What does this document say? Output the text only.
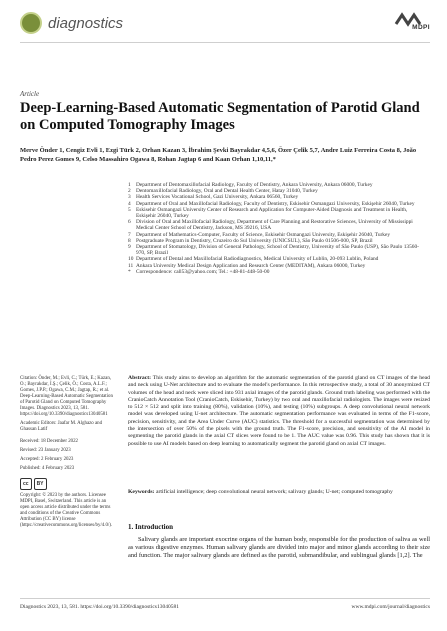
diagnostics	MDPI
Article
Deep-Learning-Based Automatic Segmentation of Parotid Gland on Computed Tomography Images
Merve Önder 1, Cengiz Evli 1, Ezgi Türk 2, Orhan Kazan 3, İbrahim Şevki Bayrakdar 4,5,6, Özer Çelik 5,7, Andre Luiz Ferreira Costa 8, João Pedro Perez Gomes 9, Celso Massahiro Ogawa 8, Rohan Jagtap 6 and Kaan Orhan 1,10,11,*
1 Department of Dentomaxillofacial Radiology, Faculty of Dentistry, Ankara University, Ankara 06000, Turkey
2 Dentomaxillofacial Radiology, Oral and Dental Health Center, Hatay 31040, Turkey
3 Health Services Vocational School, Gazi University, Ankara 06560, Turkey
4 Department of Oral and Maxillofacial Radiology, Faculty of Dentistry, Eskisehir Osmangazi University, Eskişehir 26040, Turkey
5 Eskisehir Osmangazi University Center of Research and Application for Computer-Aided Diagnosis and Treatment in Health, Eskişehir 26040, Turkey
6 Division of Oral and Maxillofacial Radiology, Department of Care Planning and Restorative Sciences, University of Mississippi Medical Center School of Dentistry, Jackson, MS 39216, USA
7 Department of Mathematics-Computer, Faculty of Science, Eskisehir Osmangazi University, Eskişehir 26040, Turkey
8 Postgraduate Program in Dentistry, Cruzeiro do Sul University (UNICSUL), São Paulo 01506-000, SP, Brazil
9 Department of Stomatology, Division of General Pathology, School of Dentistry, University of São Paulo (USP), São Paulo 13560-970, SP, Brazil
10 Department of Dental and Maxillofacial Radiodiagnostics, Medical University of Lublin, 20-093 Lublin, Poland
11 Ankara University Medical Design Application and Research Center (MEDITAM), Ankara 06000, Turkey
* Correspondence: call53@yahoo.com; Tel.: +48-81-448-50-00

Citation: Önder, M.; Evli, C.; Türk, E.; Kazan, O.; Bayrakdar, İ.Ş.; Çelik, Ö.; Costa, A.L.F.; Gomes, J.P.P.; Ogawa, C.M.; Jagtap, R.; et al. Deep-Learning-Based Automatic Segmentation of Parotid Gland on Computed Tomography Images. Diagnostics 2023, 13, 581. https://doi.org/10.3390/diagnostics13040581

Academic Editors: Jaafar M. Alghazo and Ghassan Latif

Received: 18 December 2022

Revised: 23 January 2023

Accepted: 2 February 2023

Published: 4 February 2023

cc	BY

Copyright: © 2023 by the authors. Licensee MDPI, Basel, Switzerland. This article is an open access article distributed under the terms and conditions of the Creative Commons Attribution (CC BY) license (https://creativecommons.org/licenses/by/4.0/).

Abstract: This study aims to develop an algorithm for the automatic segmentation of the parotid gland on CT images of the head and neck using U-Net architecture and to evaluate the model's performance. In this retrospective study, a total of 30 anonymized CT volumes of the head and neck were sliced into 931 axial images of the parotid glands. Ground truth labeling was performed with the CranioCatch Annotation Tool (CranioCatch, Eskisehir, Turkey) by two oral and maxillofacial radiologists. The images were resized to 512 × 512 and split into training (80%), validation (10%), and testing (10%) subgroups. A deep convolutional neural network model was developed using U-net architecture. The automatic segmentation performance was evaluated in terms of the F1-score, precision, sensitivity, and the Area Under Curve (AUC) statistics. The threshold for a successful segmentation was determined by the intersection of over 50% of the pixels with the ground truth. The F1-score, precision, and sensitivity of the AI model in segmenting the parotid glands in the axial CT slices were found to be 1. The AUC value was 0.96. This study has shown that it is possible to use AI models based on deep learning to automatically segment the parotid gland on axial CT images.
Keywords: artificial intelligence; deep convolutional neural network; salivary glands; U-net; computed tomography
1. Introduction
Salivary glands are important exocrine organs of the human body, responsible for the production of saliva as well as various digestive enzymes. Human salivary glands are divided into major and minor glands according to their size and function. The major salivary glands are defined as the parotid, submandibular, and sublingual glands [1,2]. The
Diagnostics 2023, 13, 581. https://doi.org/10.3390/diagnostics13040581	www.mdpi.com/journal/diagnostics
